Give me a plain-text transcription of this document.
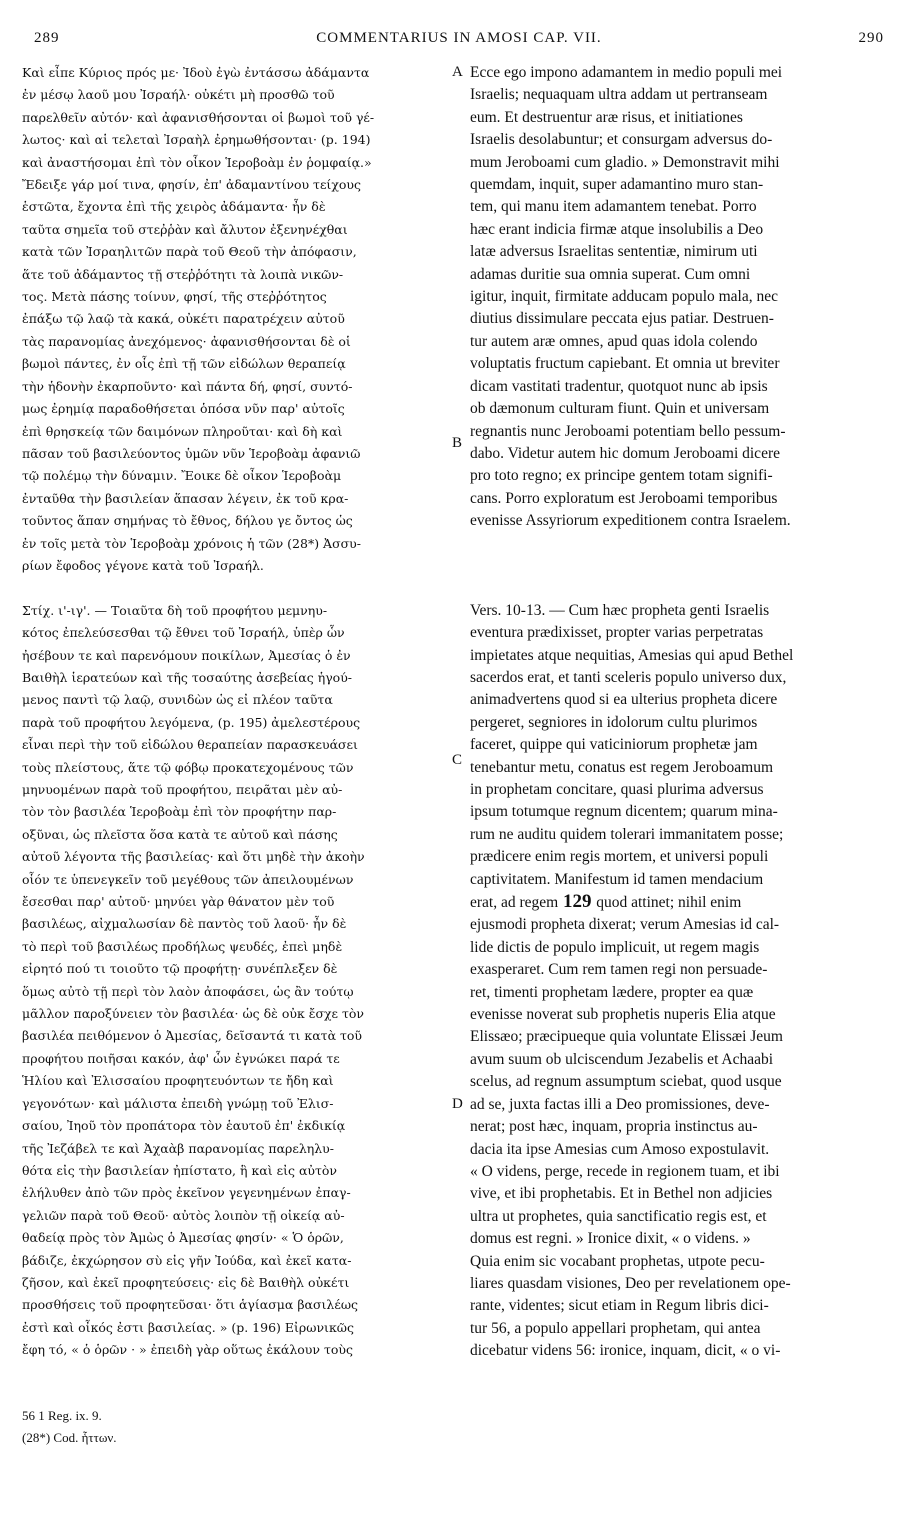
289	COMMENTARIUS IN AMOSI CAP. VII.	290
Καὶ εἶπε Κύριος πρός με· Ἰδοὺ ἐγὼ ἐντάσσω ἀδάμαντα
ἐν μέσῳ λαοῦ μου Ἰσραήλ· οὐκέτι μὴ προσθῶ τοῦ
παρελθεῖν αὐτόν· καὶ ἀφανισθήσονται οἱ βωμοὶ τοῦ γέ-
λωτος· καὶ αἱ τελεταὶ Ἰσραὴλ ἐρημωθήσονται· (p. 194)
καὶ ἀναστήσομαι ἐπὶ τὸν οἶκον Ἱεροβοὰμ ἐν ῥομφαίᾳ.»
Ἔδειξε γάρ μοί τινα, φησίν, ἐπ' ἀδαμαντίνου τείχους
ἑστῶτα, ἔχοντα ἐπὶ τῆς χειρὸς ἀδάμαντα· ἦν δὲ
ταῦτα σημεῖα τοῦ στεῤῥὰν καὶ ἄλυτον ἐξενηνέχθαι
κατὰ τῶν Ἰσραηλιτῶν παρὰ τοῦ Θεοῦ τὴν ἀπόφασιν,
ἅτε τοῦ ἀδάμαντος τῇ στεῤῥότητι τὰ λοιπὰ νικῶν-
τος. Μετὰ πάσης τοίνυν, φησί, τῆς στεῤῥότητος
ἐπάξω τῷ λαῷ τὰ κακά, οὐκέτι παρατρέχειν αὐτοῦ
τὰς παρανομίας ἀνεχόμενος· ἀφανισθήσονται δὲ οἱ
βωμοὶ πάντες, ἐν οἷς ἐπὶ τῇ τῶν εἰδώλων θεραπείᾳ
τὴν ἡδονὴν ἐκαρποῦντο· καὶ πάντα δή, φησί, συντό-
μως ἐρημίᾳ παραδοθήσεται ὁπόσα νῦν παρ' αὐτοῖς
ἐπὶ θρησκείᾳ τῶν δαιμόνων πληροῦται· καὶ δὴ καὶ
πᾶσαν τοῦ βασιλεύοντος ὑμῶν νῦν Ἱεροβοὰμ ἀφανιῶ
τῷ πολέμῳ τὴν δύναμιν. Ἔοικε δὲ οἶκον Ἱεροβοὰμ
ἐνταῦθα τὴν βασιλείαν ἅπασαν λέγειν, ἐκ τοῦ κρα-
τοῦντος ἅπαν σημήνας τὸ ἔθνος, δήλου γε ὄντος ὡς
ἐν τοῖς μετὰ τὸν Ἱεροβοὰμ χρόνοις ἡ τῶν (28*) Ἀσσυ-
ρίων ἔφοδος γέγονε κατὰ τοῦ Ἰσραήλ.

Στίχ. ι'-ιγ'. — Τοιαῦτα δὴ τοῦ προφήτου μεμνηυ-
κότος ἐπελεύσεσθαι τῷ ἔθνει τοῦ Ἰσραήλ, ὑπὲρ ὧν
ἠσέβουν τε καὶ παρενόμουν ποικίλων, Ἀμεσίας ὁ ἐν
Βαιθὴλ ἱερατεύων καὶ τῆς τοσαύτης ἀσεβείας ἡγού-
μενος παντὶ τῷ λαῷ, συνιδὼν ὡς εἰ πλέον ταῦτα
παρὰ τοῦ προφήτου λεγόμενα, (p. 195) ἀμελεστέρους
εἶναι περὶ τὴν τοῦ εἰδώλου θεραπείαν παρασκευάσει
τοὺς πλείστους, ἅτε τῷ φόβῳ προκατεχομένους τῶν
μηνυομένων παρὰ τοῦ προφήτου, πειρᾶται μὲν αὐ-
τὸν τὸν βασιλέα Ἱεροβοὰμ ἐπὶ τὸν προφήτην παρ-
οξῦναι, ὡς πλεῖστα ὅσα κατὰ τε αὐτοῦ καὶ πάσης
αὐτοῦ λέγοντα τῆς βασιλείας· καὶ ὅτι μηδὲ τὴν ἀκοὴν
οἷόν τε ὑπενεγκεῖν τοῦ μεγέθους τῶν ἀπειλουμένων
ἔσεσθαι παρ' αὐτοῦ· μηνύει γὰρ θάνατον μὲν τοῦ
βασιλέως, αἰχμαλωσίαν δὲ παντὸς τοῦ λαοῦ· ἦν δὲ
τὸ περὶ τοῦ βασιλέως προδήλως ψευδές, ἐπεὶ μηδὲ
εἰρητό πού τι τοιοῦτο τῷ προφήτῃ· συνέπλεξεν δὲ
ὅμως αὐτὸ τῇ περὶ τὸν λαὸν ἀποφάσει, ὡς ἂν τούτῳ
μᾶλλον παροξύνειεν τὸν βασιλέα· ὡς δὲ οὐκ ἔσχε τὸν
βασιλέα πειθόμενον ὁ Ἀμεσίας, δεῖσαντά τι κατὰ τοῦ
προφήτου ποιῆσαι κακόν, ἀφ' ὧν ἐγνώκει παρά τε
Ἡλίου καὶ Ἐλισσαίου προφητευόντων τε ἤδη καὶ
γεγονότων· καὶ μάλιστα ἐπειδὴ γνώμῃ τοῦ Ἐλισ-
σαίου, Ἰηοῦ τὸν προπάτορα τὸν ἑαυτοῦ ἐπ' ἐκδικίᾳ
τῆς Ἰεζάβελ τε καὶ Ἀχαὰβ παρανομίας παρεληλυ-
θότα εἰς τὴν βασιλείαν ἠπίστατο, ἣ καὶ εἰς αὐτὸν
ἐλήλυθεν ἀπὸ τῶν πρὸς ἐκεῖνον γεγενημένων ἐπαγ-
γελιῶν παρὰ τοῦ Θεοῦ· αὐτὸς λοιπὸν τῇ οἰκείᾳ αὐ-
θαδείᾳ πρὸς τὸν Ἀμὼς ὁ Ἀμεσίας φησίν· « Ὁ ὁρῶν,
βάδιζε, ἐκχώρησον σὺ εἰς γῆν Ἰούδα, καὶ ἐκεῖ κατα-
ζῆσον, καὶ ἐκεῖ προφητεύσεις· εἰς δὲ Βαιθὴλ οὐκέτι
προσθήσεις τοῦ προφητεῦσαι· ὅτι ἁγίασμα βασιλέως
ἐστὶ καὶ οἶκός ἐστι βασιλείας. » (p. 196) Εἰρωνικῶς
ἔφη τό, « ὁ ὁρῶν · » ἐπειδὴ γὰρ οὕτως ἐκάλουν τοὺς
Ecce ego impono adamantem in medio populi mei
Israelis; nequaquam ultra addam ut pertranseam
eum. Et destruentur aræ risus, et initiationes
Israelis desolabuntur; et consurgam adversus do-
mum Jeroboami cum gladio. » Demonstravit mihi
quemdam, inquit, super adamantino muro stan-
tem, qui manu item adamantem tenebat. Porro
hæc erant indicia firmæ atque insolubilis a Deo
latæ adversus Israelitas sententiæ, nimirum uti
adamas duritie sua omnia superat. Cum omni
igitur, inquit, firmitate adducam populo mala, nec
diutius dissimulare peccata ejus patiar. Destruen-
tur autem aræ omnes, apud quas idola colendo
voluptatis fructum capiebant. Et omnia ut breviter
dicam vastitati tradentur, quotquot nunc ab ipsis
ob dæmonum culturam fiunt. Quin et universam
regnantis nunc Jeroboami potentiam bello pessum-
dabo. Videtur autem hic domum Jeroboami dicere
pro toto regno; ex principe gentem totam signifi-
cans. Porro exploratum est Jeroboami temporibus
evenisse Assyriorum expeditionem contra Israelem.

Vers. 10-13. — Cum hæc propheta genti Israelis
eventura prædixisset, propter varias perpetratas
impietates atque nequitias, Amesias qui apud Bethel
sacerdos erat, et tanti sceleris populo universo dux,
animadvertens quod si ea ulterius propheta dicere
pergeret, segniores in idolorum cultu plurimos
faceret, quippe qui vaticiniorum prophetæ jam
tenebantur metu, conatus est regem Jeroboamum
in prophetam concitare, quasi plurima adversus
ipsum totumque regnum dicentem; quarum mina-
rum ne auditu quidem tolerari immanitatem posse;
prædicere enim regis mortem, et universi populi
captivitatem. Manifestum id tamen mendacium
erat, ad regem 129 quod attinet; nihil enim
ejusmodi propheta dixerat; verum Amesias id cal-
lide dictis de populo implicuit, ut regem magis
exasperaret. Cum rem tamen regi non persuade-
ret, timenti prophetam lædere, propter ea quæ
evenisse noverat sub prophetis nuperis Elia atque
Elissæo; præcipueque quia voluntate Elissæi Jeum
avum suum ob ulciscendum Jezabelis et Achaabi
scelus, ad regnum assumptum sciebat, quod usque
ad se, juxta factas illi a Deo promissiones, deve-
nerat; post hæc, inquam, propria instinctus au-
dacia ita ipse Amesias cum Amoso expostulavit.
« O videns, perge, recede in regionem tuam, et ibi
vive, et ibi prophetabis. Et in Bethel non adjicies
ultra ut prophetes, quia sanctificatio regis est, et
domus est regni. » Ironice dixit, « o videns. »
Quia enim sic vocabant prophetas, utpote pecu-
liares quasdam visiones, Deo per revelationem ope-
rante, videntes; sicut etiam in Regum libris dici-
tur 56, a populo appellari prophetam, qui antea
dicebatur videns 56: ironice, inquam, dicit, « o vi-
A
B
C
D
56 1 Reg. ix. 9.
(28*) Cod. ἧττων.
